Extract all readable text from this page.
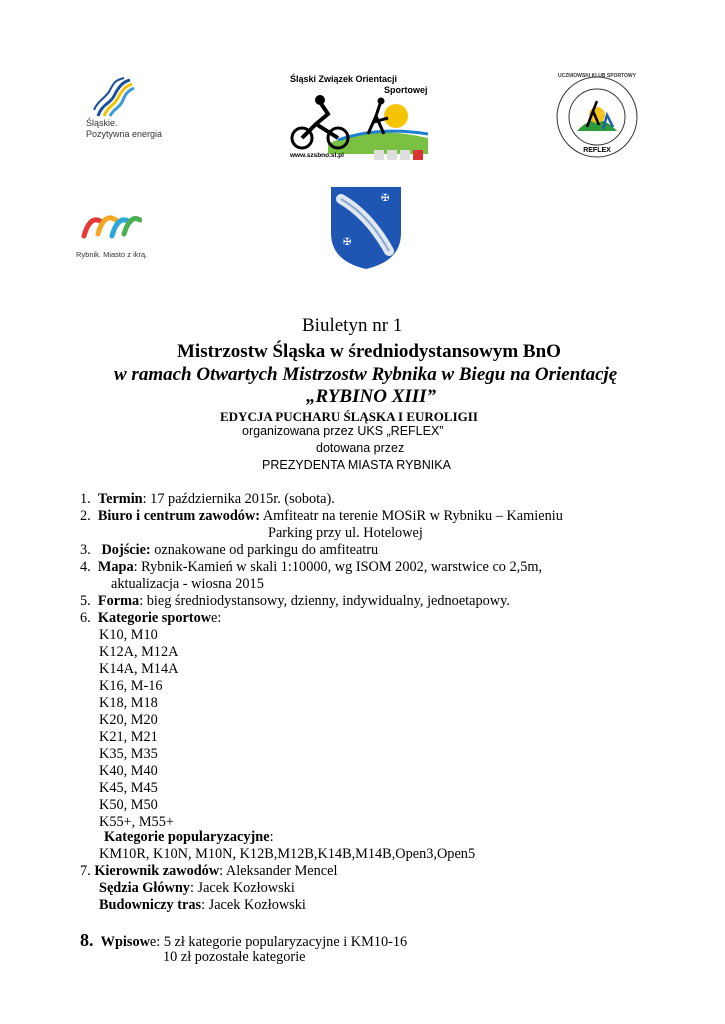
Śląskie.
Pozytywna energia
Śląski Związek Orientacji
Sportowej
www.szsbno.sl.pl
UCZNIOWSKI KLUB SPORTOWY
REFLEX
Rybnik. Miasto z ikrą.
✠
✠
Biuletyn nr 1
Mistrzostw Śląska w średniodystansowym BnO
w ramach Otwartych Mistrzostw Rybnika w Biegu na Orientację
„RYBINO XIII”
EDYCJA PUCHARU ŚLĄSKA I EUROLIGII
organizowana przez UKS „REFLEX”
dotowana przez
PREZYDENTA MIASTA RYBNIKA
1. Termin: 17 października 2015r. (sobota).
2. Biuro i centrum zawodów: Amfiteatr na terenie MOSiR w Rybniku – Kamieniu
Parking przy ul. Hotelowej
3. Dojście: oznakowane od parkingu do amfiteatru
4. Mapa: Rybnik-Kamień w skali 1:10000, wg ISOM 2002, warstwice co 2,5m,
aktualizacja - wiosna 2015
5. Forma: bieg średniodystansowy, dzienny, indywidualny, jednoetapowy.
6. Kategorie sportowe:
K10, M10
K12A, M12A
K14A, M14A
K16, M-16
K18, M18
K20, M20
K21, M21
K35, M35
K40, M40
K45, M45
K50, M50
K55+, M55+
Kategorie popularyzacyjne:
KM10R, K10N, M10N, K12B,M12B,K14B,M14B,Open3,Open5
7. Kierownik zawodów: Aleksander Mencel
Sędzia Główny: Jacek Kozłowski
Budowniczy tras: Jacek Kozłowski
8. Wpisowe: 5 zł kategorie popularyzacyjne i KM10-16
10 zł pozostałe kategorie
